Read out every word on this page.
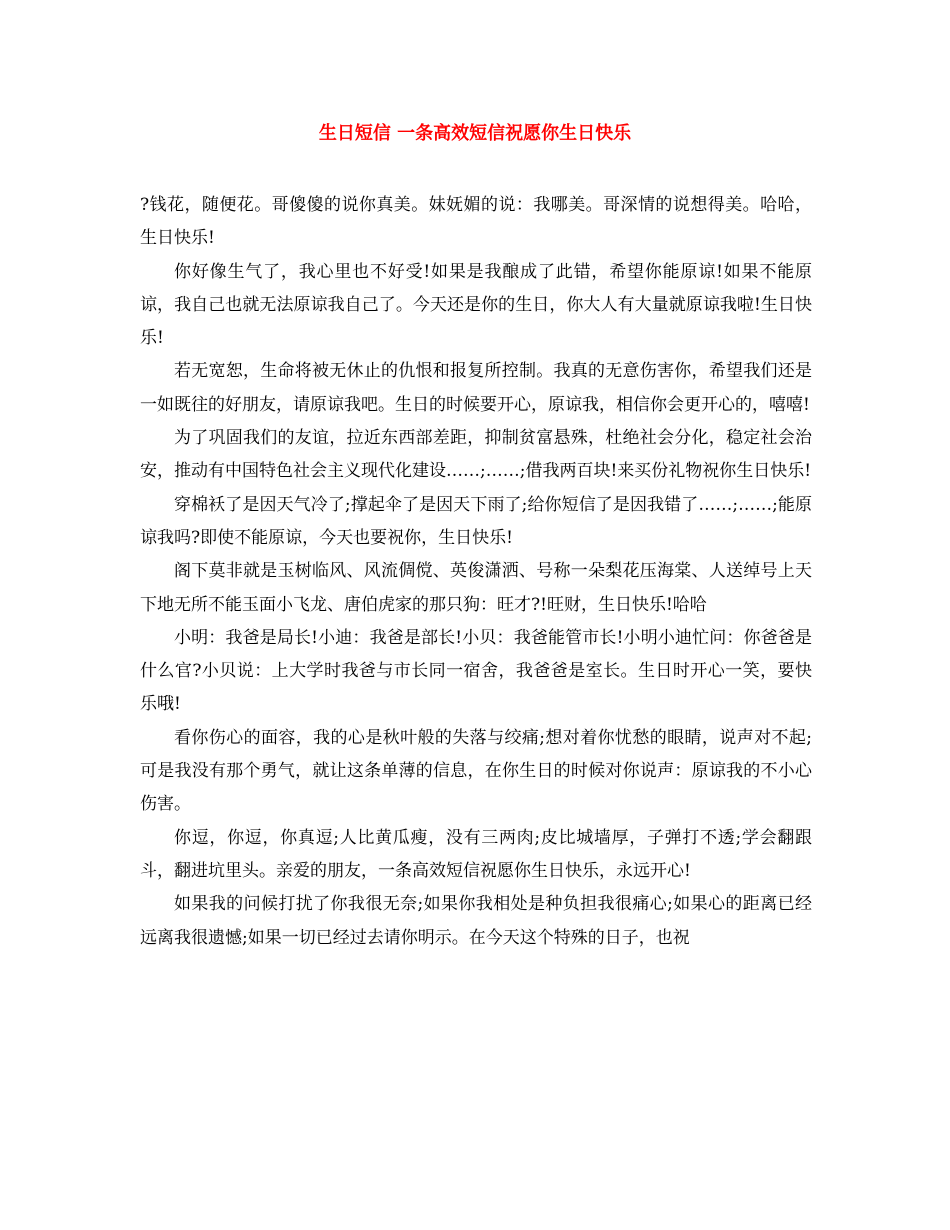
生日短信 一条高效短信祝愿你生日快乐

?钱花，随便花。哥傻傻的说你真美。妹妩媚的说：我哪美。哥深情的说想得美。哈哈，生日快乐!

你好像生气了，我心里也不好受!如果是我酿成了此错，希望你能原谅!如果不能原谅，我自己也就无法原谅我自己了。今天还是你的生日，你大人有大量就原谅我啦!生日快乐!

若无宽恕，生命将被无休止的仇恨和报复所控制。我真的无意伤害你，希望我们还是一如既往的好朋友，请原谅我吧。生日的时候要开心，原谅我，相信你会更开心的，嘻嘻!

为了巩固我们的友谊，拉近东西部差距，抑制贫富悬殊，杜绝社会分化，稳定社会治安，推动有中国特色社会主义现代化建设……;……;借我两百块!来买份礼物祝你生日快乐!

穿棉袄了是因天气冷了;撑起伞了是因天下雨了;给你短信了是因我错了……;……;能原谅我吗?即使不能原谅，今天也要祝你，生日快乐!

阁下莫非就是玉树临风、风流倜傥、英俊潇洒、号称一朵梨花压海棠、人送绰号上天下地无所不能玉面小飞龙、唐伯虎家的那只狗：旺才?!旺财，生日快乐!哈哈

小明：我爸是局长!小迪：我爸是部长!小贝：我爸能管市长!小明小迪忙问：你爸爸是什么官?小贝说：上大学时我爸与市长同一宿舍，我爸爸是室长。生日时开心一笑，要快乐哦!

看你伤心的面容，我的心是秋叶般的失落与绞痛;想对着你忧愁的眼睛，说声对不起;可是我没有那个勇气，就让这条单薄的信息，在你生日的时候对你说声：原谅我的不小心伤害。

你逗，你逗，你真逗;人比黄瓜瘦，没有三两肉;皮比城墙厚，子弹打不透;学会翻跟斗，翻进坑里头。亲爱的朋友，一条高效短信祝愿你生日快乐，永远开心!

如果我的问候打扰了你我很无奈;如果你我相处是种负担我很痛心;如果心的距离已经远离我很遗憾;如果一切已经过去请你明示。在今天这个特殊的日子，也祝
